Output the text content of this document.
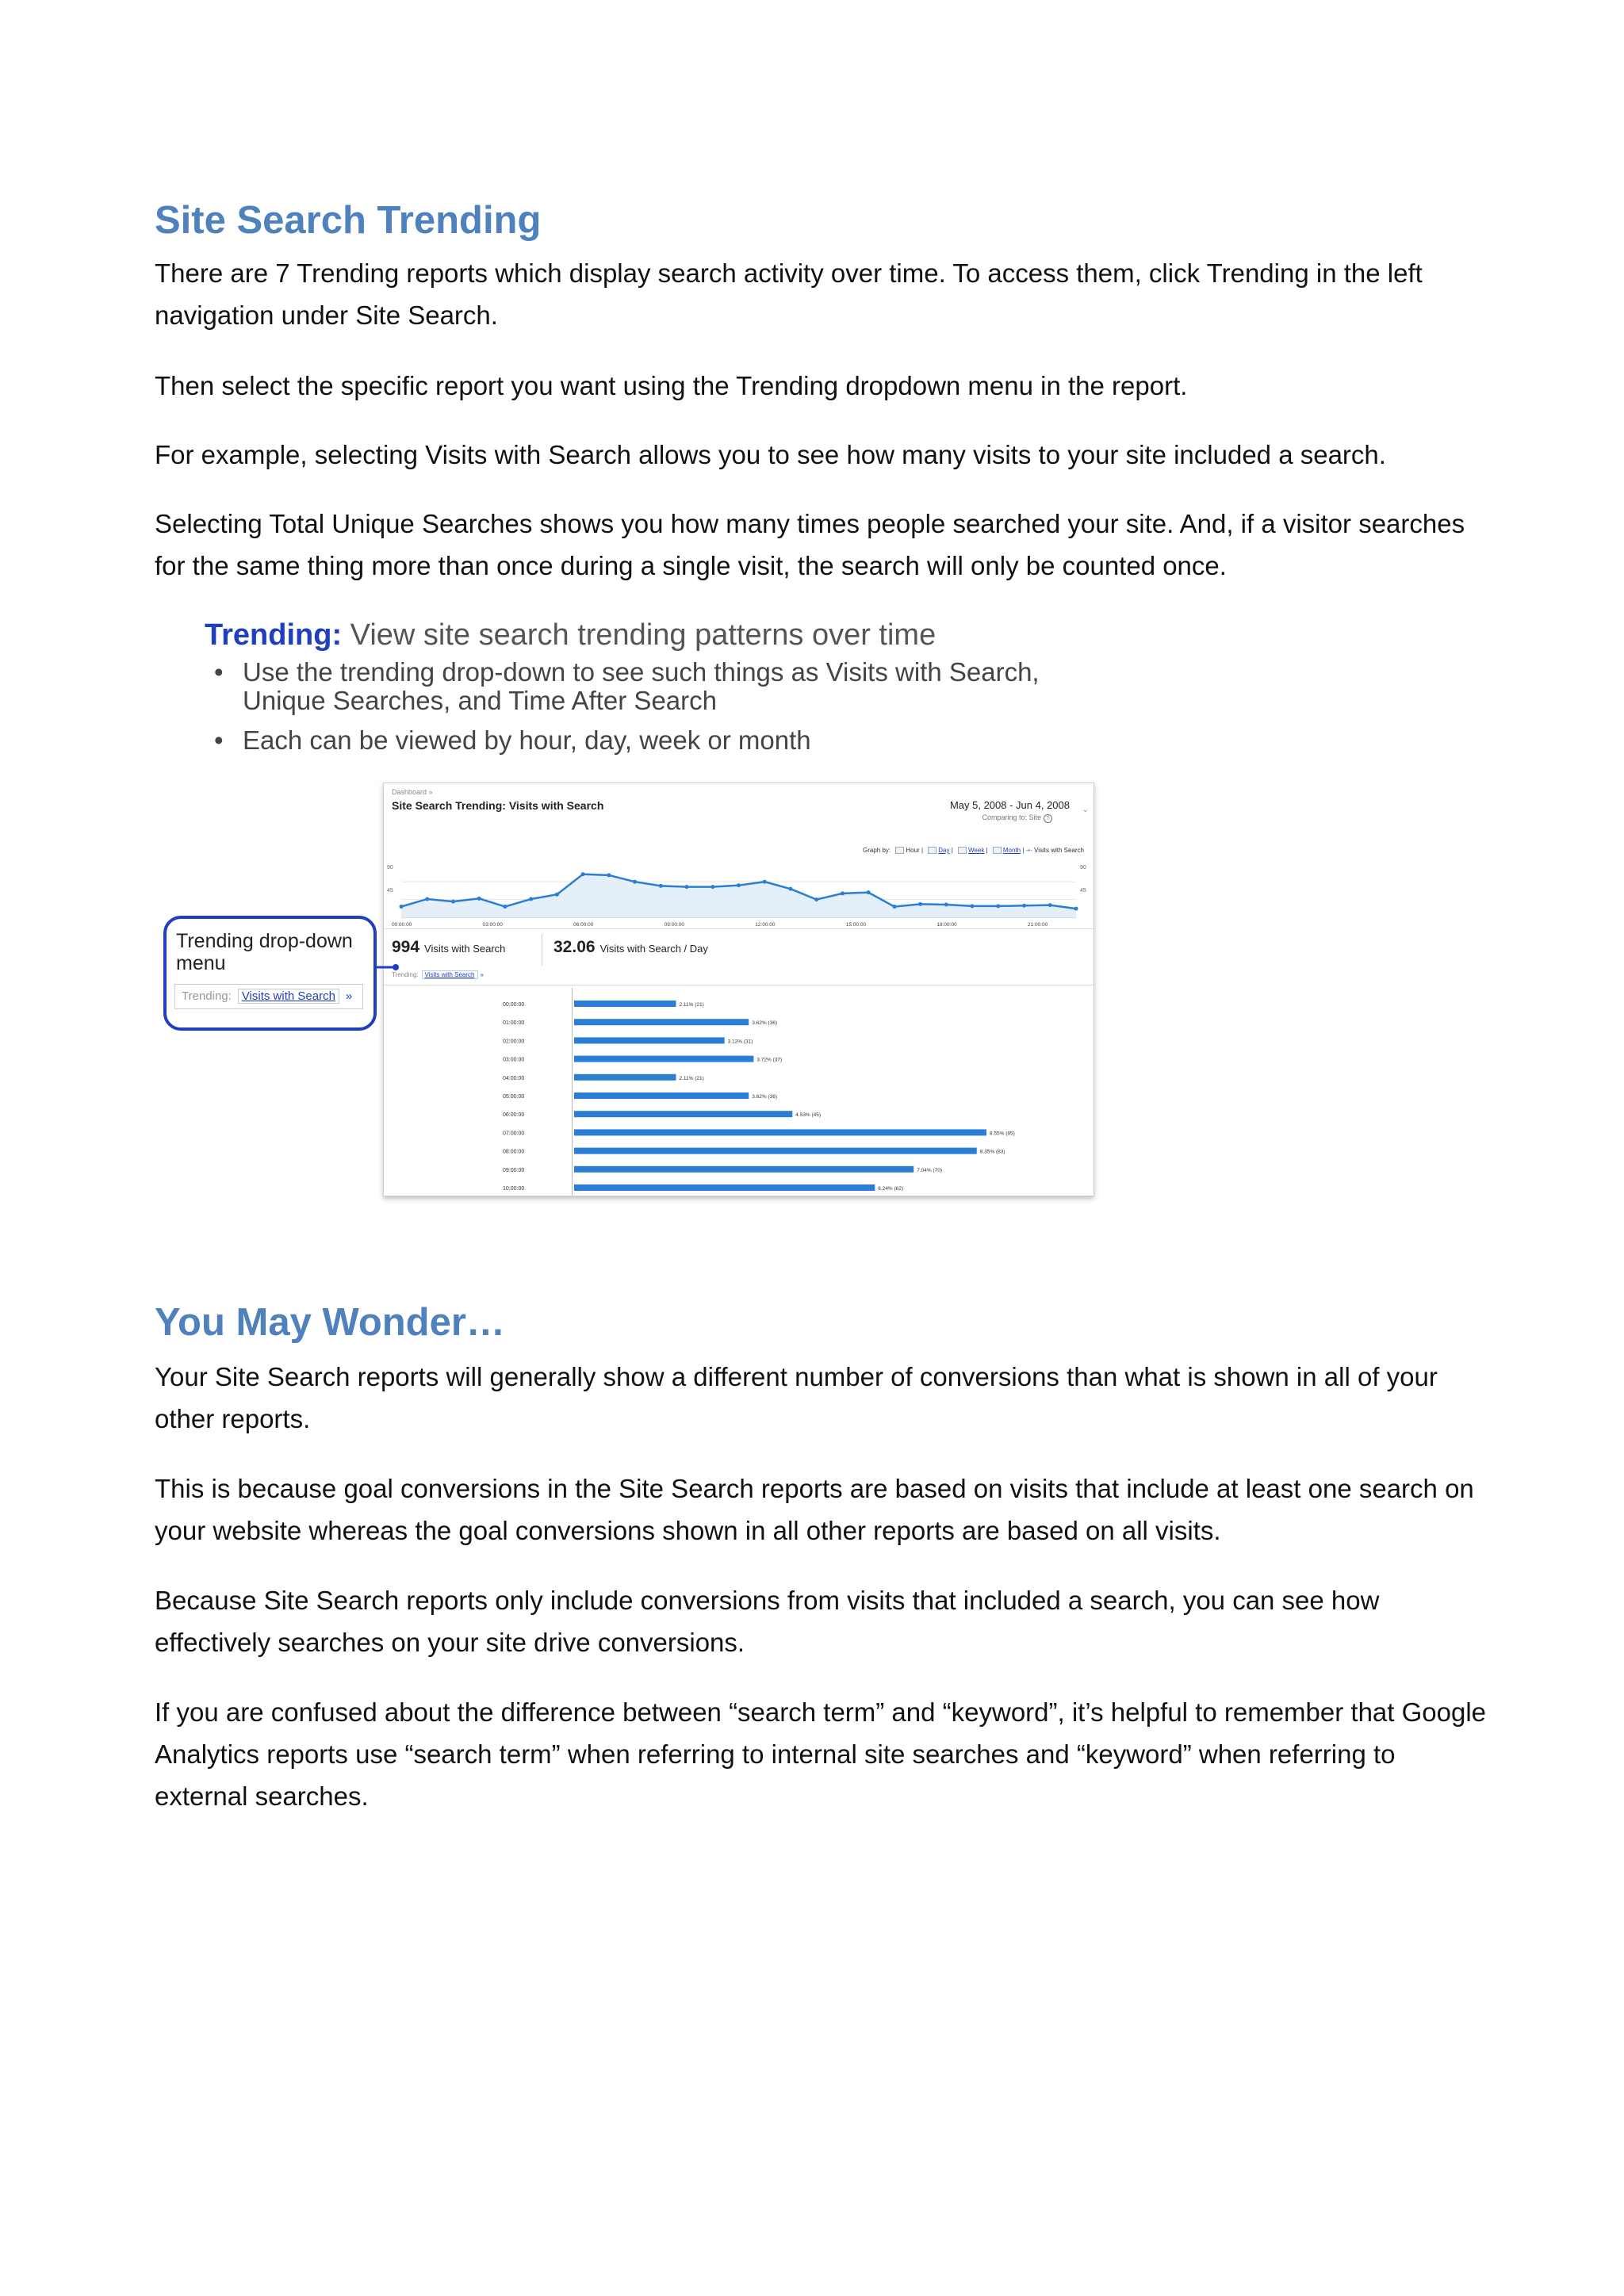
Site Search Trending

There are 7 Trending reports which display search activity over time. To access them, click Trending in the left navigation under Site Search.

Then select the specific report you want using the Trending dropdown menu in the report.

For example, selecting Visits with Search allows you to see how many visits to your site included a search.

Selecting Total Unique Searches shows you how many times people searched your site. And, if a visitor searches for the same thing more than once during a single visit, the search will only be counted once.

Trending: View site search trending patterns over time
• Use the trending drop-down to see such things as Visits with Search, Unique Searches, and Time After Search
• Each can be viewed by hour, day, week or month
Dashboard »
Site Search Trending: Visits with Search	May 5, 2008 - Jun 4, 2008
Comparing to: Site ?
⌄
Graph by: Hour | Day | Week | Month | -•- Visits with Search
90	90
45	45
00:00:00	03:00:00	06:00:00	09:00:00	12:00:00	15:00:00	18:00:00	21:00:00
994 Visits with Search	32.06 Visits with Search / Day
Trending: Visits with Search »
00:00:00	2.11% (21)
01:00:00	3.62% (36)
02:00:00	3.12% (31)
03:00:00	3.72% (37)
04:00:00	2.11% (21)
05:00:00	3.62% (36)
06:00:00	4.53% (45)
07:00:00	8.55% (85)
08:00:00	8.35% (83)
09:00:00	7.04% (70)
10:00:00	6.24% (62)
Trending drop-down menu
Trending: Visits with Search »
You May Wonder…

Your Site Search reports will generally show a different number of conversions than what is shown in all of your other reports.

This is because goal conversions in the Site Search reports are based on visits that include at least one search on your website whereas the goal conversions shown in all other reports are based on all visits.

Because Site Search reports only include conversions from visits that included a search, you can see how effectively searches on your site drive conversions.

If you are confused about the difference between “search term” and “keyword”, it’s helpful to remember that Google Analytics reports use “search term” when referring to internal site searches and “keyword” when referring to external searches.
